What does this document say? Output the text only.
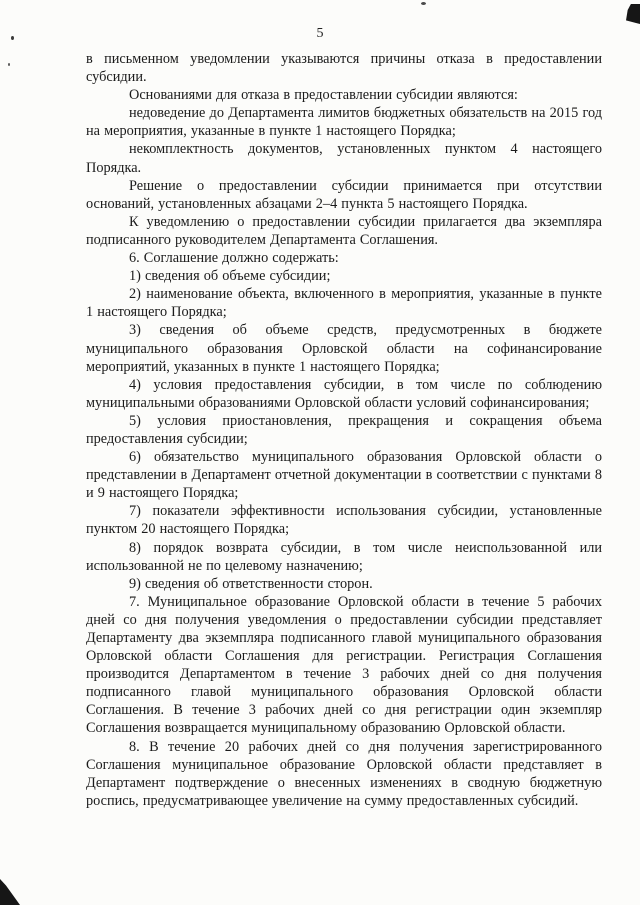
5

в письменном уведомлении указываются причины отказа в предоставлении субсидии.

Основаниями для отказа в предоставлении субсидии являются:

недоведение до Департамента лимитов бюджетных обязательств на 2015 год на мероприятия, указанные в пункте 1 настоящего Порядка;

некомплектность документов, установленных пунктом 4 настоящего Порядка.

Решение о предоставлении субсидии принимается при отсутствии оснований, установленных абзацами 2–4 пункта 5 настоящего Порядка.

К уведомлению о предоставлении субсидии прилагается два экземпляра подписанного руководителем Департамента Соглашения.

6. Соглашение должно содержать:

1) сведения об объеме субсидии;

2) наименование объекта, включенного в мероприятия, указанные в пункте 1 настоящего Порядка;

3) сведения об объеме средств, предусмотренных в бюджете муниципального образования Орловской области на софинансирование мероприятий, указанных в пункте 1 настоящего Порядка;

4) условия предоставления субсидии, в том числе по соблюдению муниципальными образованиями Орловской области условий софинансирования;

5) условия приостановления, прекращения и сокращения объема предоставления субсидии;

6) обязательство муниципального образования Орловской области о представлении в Департамент отчетной документации в соответствии с пунктами 8 и 9 настоящего Порядка;

7) показатели эффективности использования субсидии, установленные пунктом 20 настоящего Порядка;

8) порядок возврата субсидии, в том числе неиспользованной или использованной не по целевому назначению;

9) сведения об ответственности сторон.

7. Муниципальное образование Орловской области в течение 5 рабочих дней со дня получения уведомления о предоставлении субсидии представляет Департаменту два экземпляра подписанного главой муниципального образования Орловской области Соглашения для регистрации. Регистрация Соглашения производится Департаментом в течение 3 рабочих дней со дня получения подписанного главой муниципального образования Орловской области Соглашения. В течение 3 рабочих дней со дня регистрации один экземпляр Соглашения возвращается муниципальному образованию Орловской области.

8. В течение 20 рабочих дней со дня получения зарегистрированного Соглашения муниципальное образование Орловской области представляет в Департамент подтверждение о внесенных изменениях в сводную бюджетную роспись, предусматривающее увеличение на сумму предоставленных субсидий.
